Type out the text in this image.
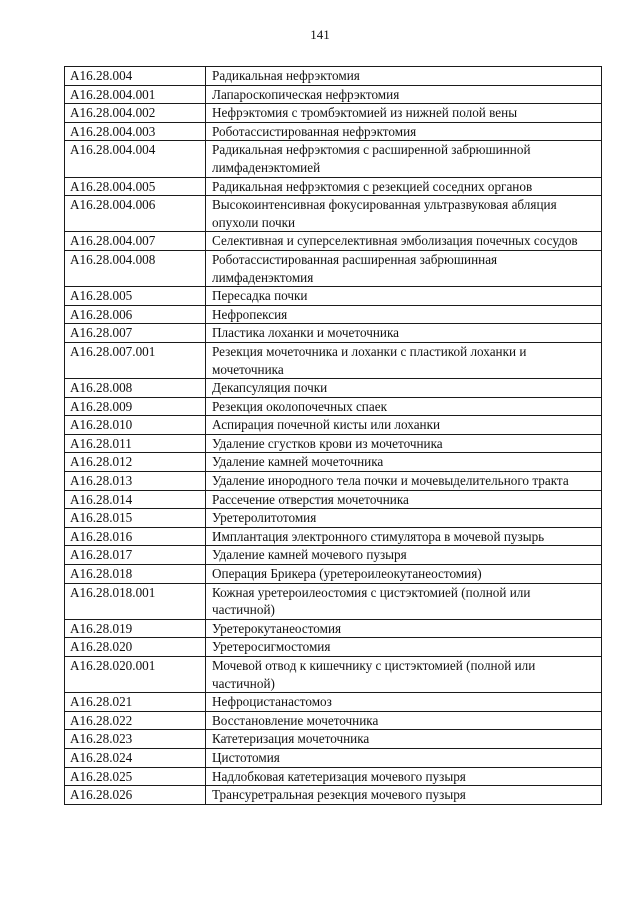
141
А16.28.004	Радикальная нефрэктомия
А16.28.004.001	Лапароскопическая нефрэктомия
А16.28.004.002	Нефрэктомия с тромбэктомией из нижней полой вены
А16.28.004.003	Роботассистированная нефрэктомия
А16.28.004.004	Радикальная нефрэктомия с расширенной забрюшинной лимфаденэктомией
А16.28.004.005	Радикальная нефрэктомия с резекцией соседних органов
А16.28.004.006	Высокоинтенсивная фокусированная ультразвуковая абляция опухоли почки
А16.28.004.007	Селективная и суперселективная эмболизация почечных сосудов
А16.28.004.008	Роботассистированная расширенная забрюшинная лимфаденэктомия
А16.28.005	Пересадка почки
А16.28.006	Нефропексия
А16.28.007	Пластика лоханки и мочеточника
А16.28.007.001	Резекция мочеточника и лоханки с пластикой лоханки и мочеточника
А16.28.008	Декапсуляция почки
А16.28.009	Резекция околопочечных спаек
А16.28.010	Аспирация почечной кисты или лоханки
А16.28.011	Удаление сгустков крови из мочеточника
А16.28.012	Удаление камней мочеточника
А16.28.013	Удаление инородного тела почки и мочевыделительного тракта
А16.28.014	Рассечение отверстия мочеточника
А16.28.015	Уретеролитотомия
А16.28.016	Имплантация электронного стимулятора в мочевой пузырь
А16.28.017	Удаление камней мочевого пузыря
А16.28.018	Операция Брикера (уретероилеокутанеостомия)
А16.28.018.001	Кожная уретероилеостомия с цистэктомией (полной или частичной)
А16.28.019	Уретерокутанеостомия
А16.28.020	Уретеросигмостомия
А16.28.020.001	Мочевой отвод к кишечнику с цистэктомией (полной или частичной)
А16.28.021	Нефроцистанастомоз
А16.28.022	Восстановление мочеточника
А16.28.023	Катетеризация мочеточника
А16.28.024	Цистотомия
А16.28.025	Надлобковая катетеризация мочевого пузыря
А16.28.026	Трансуретральная резекция мочевого пузыря
